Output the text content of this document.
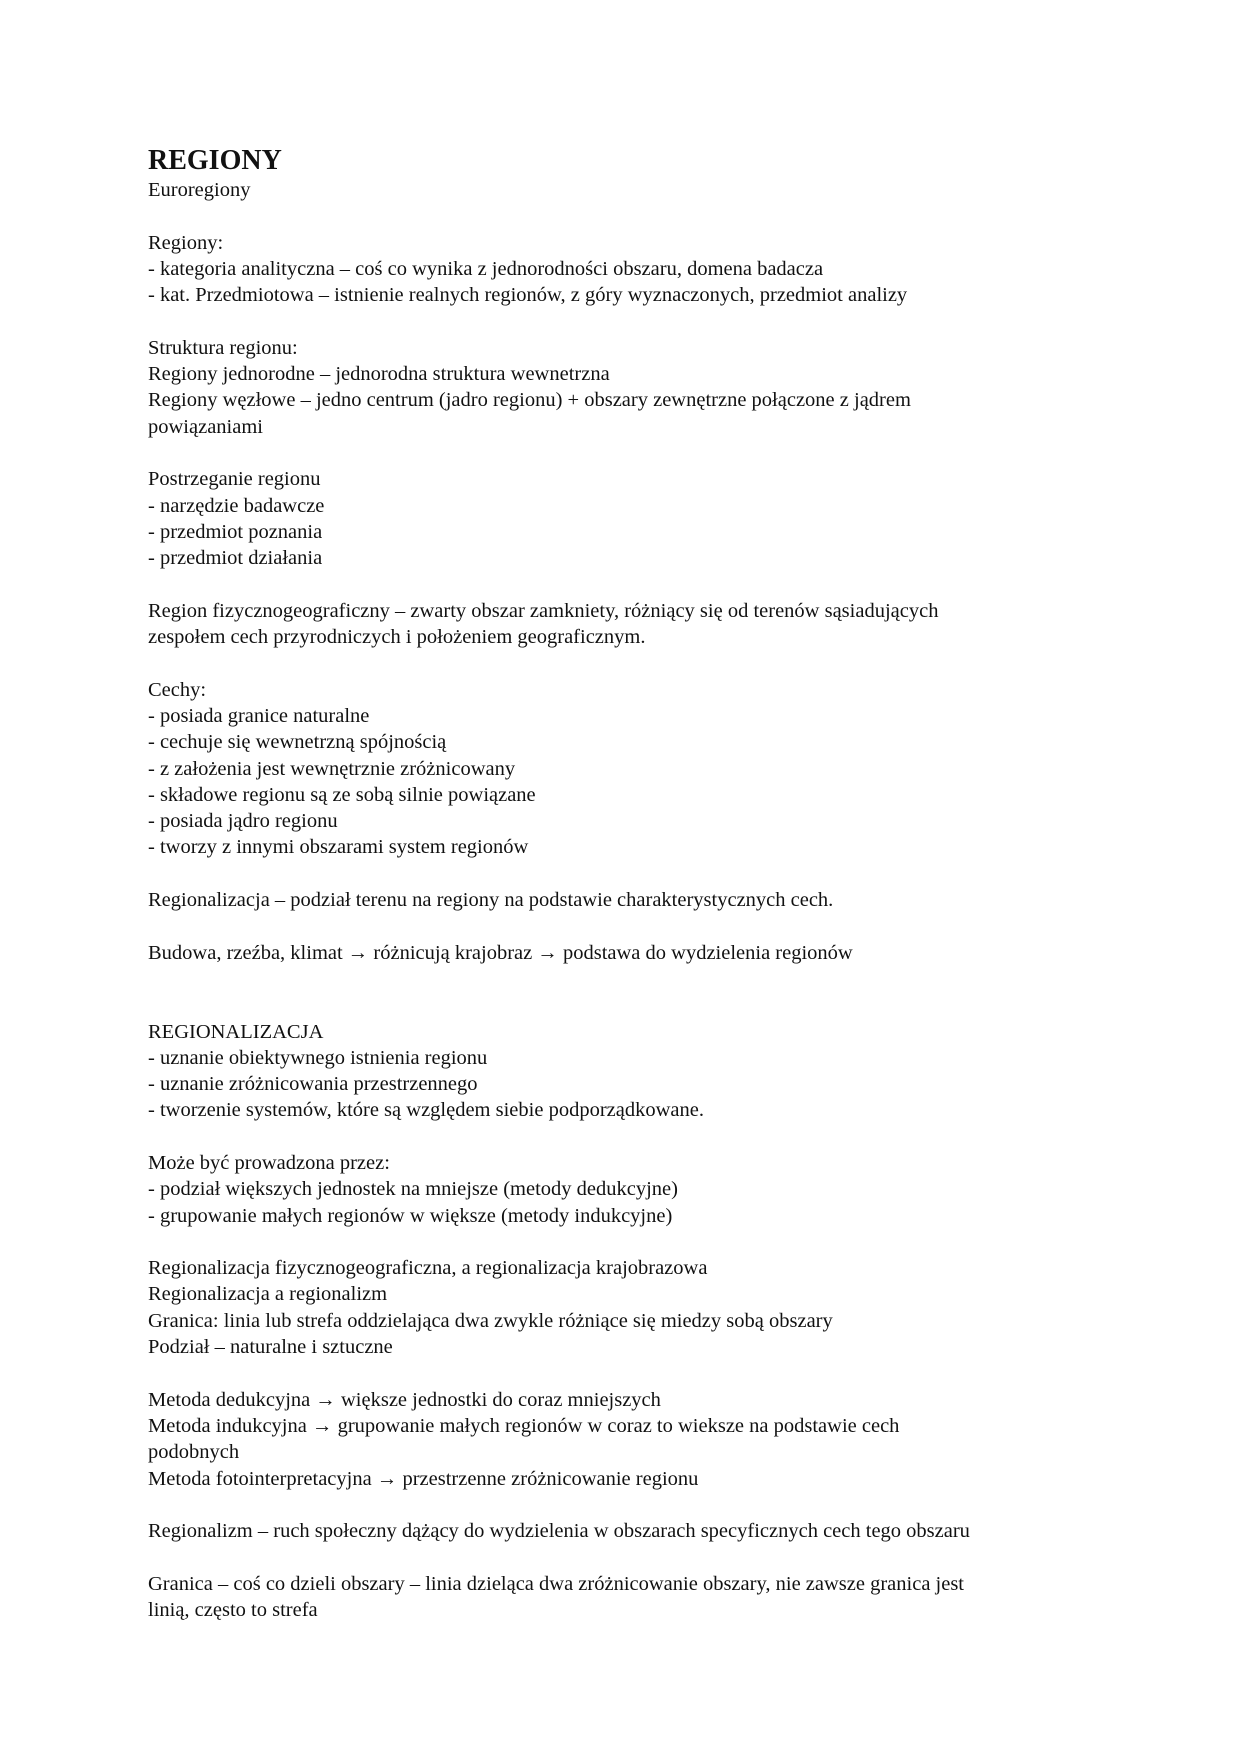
REGIONY

Euroregiony

Regiony:

- kategoria analityczna – coś co wynika z jednorodności obszaru, domena badacza

- kat. Przedmiotowa – istnienie realnych regionów, z góry wyznaczonych, przedmiot analizy

Struktura regionu:

Regiony jednorodne – jednorodna struktura wewnetrzna

Regiony węzłowe – jedno centrum (jadro regionu) + obszary zewnętrzne połączone z jądrem

powiązaniami

Postrzeganie regionu

- narzędzie badawcze

- przedmiot poznania

- przedmiot działania

Region fizycznogeograficzny – zwarty obszar zamkniety, różniący się od terenów sąsiadujących

zespołem cech przyrodniczych i położeniem geograficznym.

Cechy:

- posiada granice naturalne

- cechuje się wewnetrzną spójnością

- z założenia jest wewnętrznie zróżnicowany

- składowe regionu są ze sobą silnie powiązane

- posiada jądro regionu

- tworzy z innymi obszarami system regionów

Regionalizacja – podział terenu na regiony na podstawie charakterystycznych cech.

Budowa, rzeźba, klimat → różnicują krajobraz → podstawa do wydzielenia regionów

REGIONALIZACJA

- uznanie obiektywnego istnienia regionu

- uznanie zróżnicowania przestrzennego

- tworzenie systemów, które są względem siebie podporządkowane.

Może być prowadzona przez:

- podział większych jednostek na mniejsze (metody dedukcyjne)

- grupowanie małych regionów w większe (metody indukcyjne)

Regionalizacja fizycznogeograficzna, a regionalizacja krajobrazowa

Regionalizacja a regionalizm

Granica: linia lub strefa oddzielająca dwa zwykle różniące się miedzy sobą obszary

Podział – naturalne i sztuczne

Metoda dedukcyjna → większe jednostki do coraz mniejszych

Metoda indukcyjna → grupowanie małych regionów w coraz to wieksze na podstawie cech

podobnych

Metoda fotointerpretacyjna → przestrzenne zróżnicowanie regionu

Regionalizm – ruch społeczny dążący do wydzielenia w obszarach specyficznych cech tego obszaru

Granica – coś co dzieli obszary – linia dzieląca dwa zróżnicowanie obszary, nie zawsze granica jest

linią, często to strefa
